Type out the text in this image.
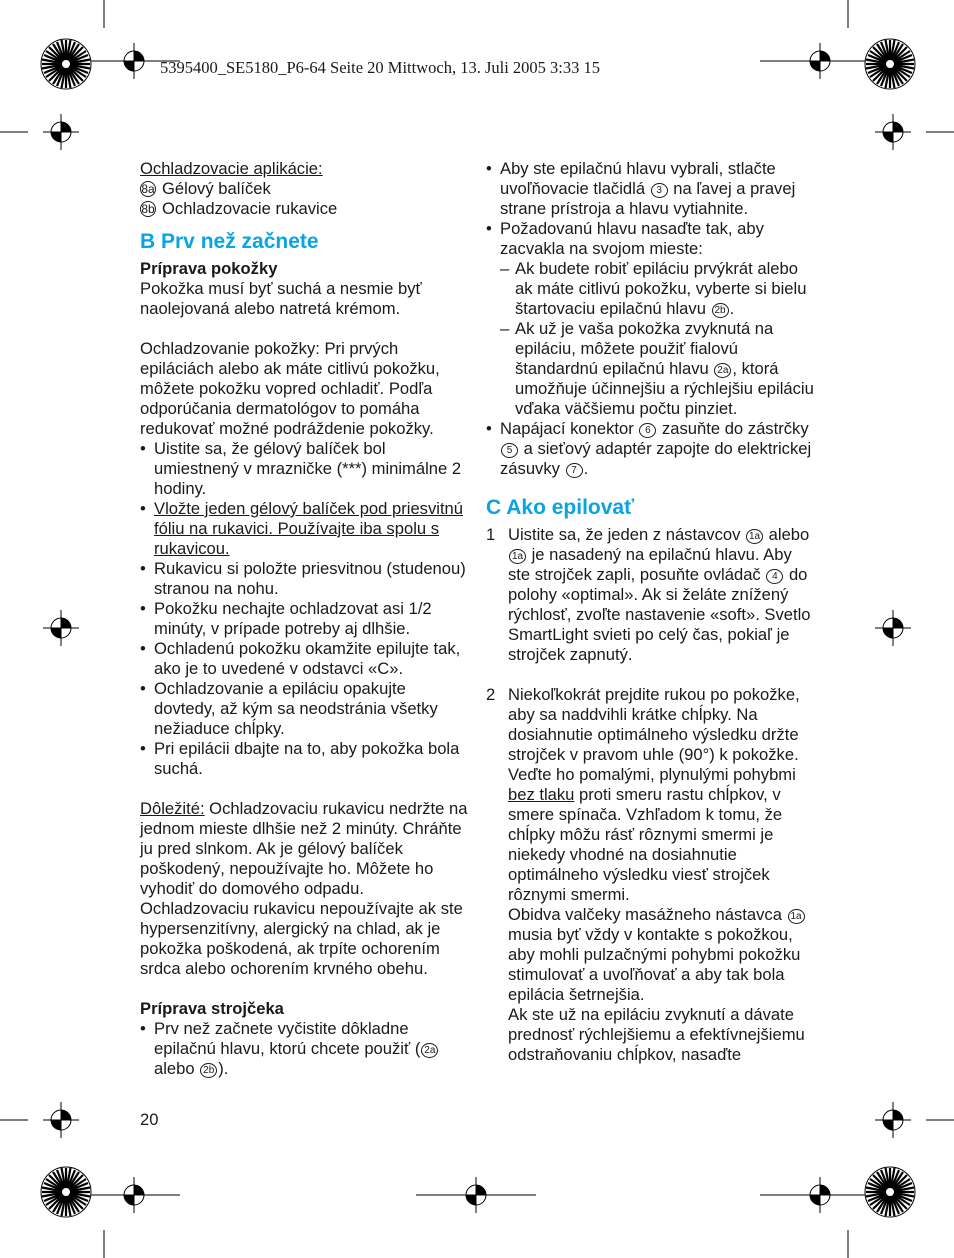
5395400_SE5180_P6-64 Seite 20 Mittwoch, 13. Juli 2005 3:33 15

Ochladzovacie aplikácie:

8a Gélový balíček

8b Ochladzovacie rukavice

B Prv než začnete

Príprava pokožky

Pokožka musí byť suchá a nesmie byť naolejovaná alebo natretá krémom.

Ochladzovanie pokožky: Pri prvých epiláciách alebo ak máte citlivú pokožku, môžete pokožku vopred ochladiť. Podľa odporúčania dermatológov to pomáha redukovať možné podráždenie pokožky.

• Uistite sa, že gélový balíček bol umiestnený v mrazničke (***) minimálne 2 hodiny.

• Vložte jeden gélový balíček pod priesvitnú fóliu na rukavici. Používajte iba spolu s rukavicou.

• Rukavicu si položte priesvitnou (studenou) stranou na nohu.

• Pokožku nechajte ochladzovat asi 1/2 minúty, v prípade potreby aj dlhšie.

• Ochladenú pokožku okamžite epilujte tak, ako je to uvedené v odstavci «C».

• Ochladzovanie a epiláciu opakujte dovtedy, až kým sa neodstránia všetky nežiaduce chĺpky.

• Pri epilácii dbajte na to, aby pokožka bola suchá.

Dôležité: Ochladzovaciu rukavicu nedržte na jednom mieste dlhšie než 2 minúty. Chráňte ju pred slnkom. Ak je gélový balíček poškodený, nepoužívajte ho. Môžete ho vyhodiť do domového odpadu. Ochladzovaciu rukavicu nepoužívajte ak ste hypersenzitívny, alergický na chlad, ak je pokožka poškodená, ak trpíte ochorením srdca alebo ochorením krvného obehu.

Príprava strojčeka

• Prv než začnete vyčistite dôkladne epilačnú hlavu, ktorú chcete použiť ( 2a alebo 2b ).

• Aby ste epilačnú hlavu vybrali, stlačte uvoľňovacie tlačidlá 3 na ľavej a pravej strane prístroja a hlavu vytiahnite.

• Požadovanú hlavu nasaďte tak, aby zacvakla na svojom mieste:

– Ak budete robiť epiláciu prvýkrát alebo ak máte citlivú pokožku, vyberte si bielu štartovaciu epilačnú hlavu 2b .

– Ak už je vaša pokožka zvyknutá na epiláciu, môžete použiť fialovú štandardnú epilačnú hlavu 2a , ktorá umožňuje účinnejšiu a rýchlejšiu epiláciu vďaka väčšiemu počtu pinziet.

• Napájací konektor 6 zasuňte do zástrčky 5 a sieťový adaptér zapojte do elektrickej zásuvky 7 .

C Ako epilovať

1 Uistite sa, že jeden z nástavcov 1a alebo 1a je nasadený na epilačnú hlavu. Aby ste strojček zapli, posuňte ovládač 4 do polohy «optimal». Ak si želáte znížený rýchlosť, zvoľte nastavenie «soft». Svetlo SmartLight svieti po celý čas, pokiaľ je strojček zapnutý.

2 Niekoľkokrát prejdite rukou po pokožke, aby sa naddvihli krátke chĺpky. Na dosiahnutie optimálneho výsledku držte strojček v pravom uhle (90°) k pokožke. Veďte ho pomalými, plynulými pohybmi bez tlaku proti smeru rastu chĺpkov, v smere spínača. Vzhľadom k tomu, že chĺpky môžu rásť rôznymi smermi je niekedy vhodné na dosiahnutie optimálneho výsledku viesť strojček rôznymi smermi.

Obidva valčeky masážneho nástavca 1a musia byť vždy v kontakte s pokožkou, aby mohli pulzačnými pohybmi pokožku stimulovať a uvoľňovať a aby tak bola epilácia šetrnejšia.

Ak ste už na epiláciu zvyknutí a dávate prednosť rýchlejšiemu a efektívnejšiemu odstraňovaniu chĺpkov, nasaďte

20
